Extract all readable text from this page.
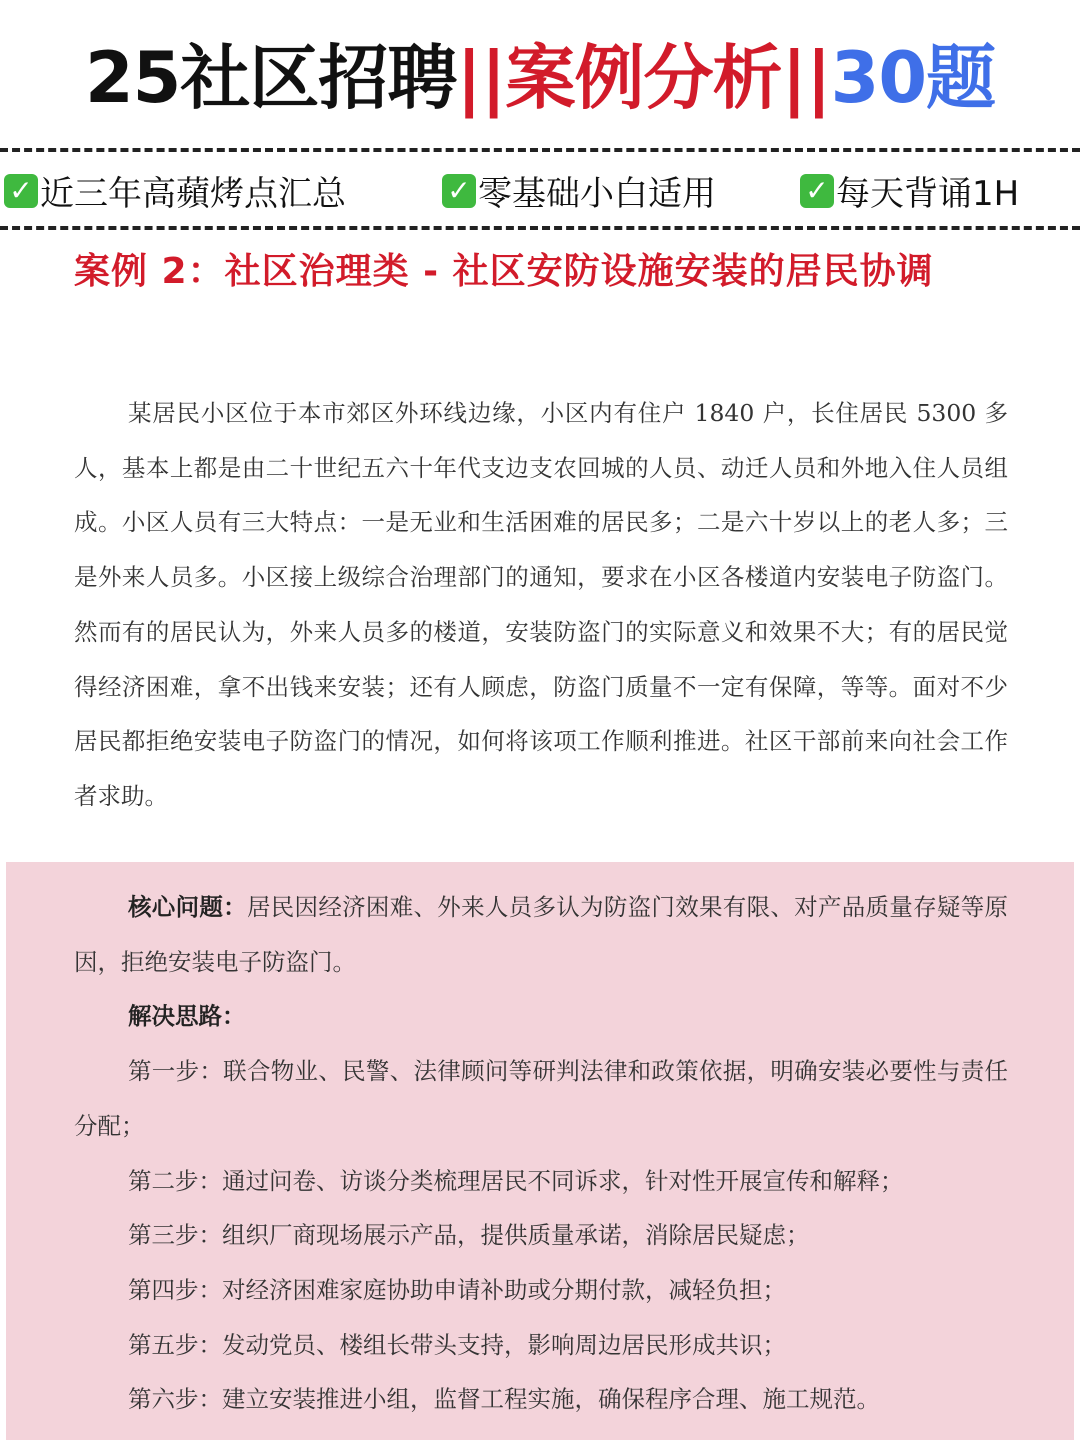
25社区招聘||案例分析||30题
✓ 近三年高蘋烤点汇总	✓ 零基础小白适用	✓ 每天背诵1H
案例 2：社区治理类 - 社区安防设施安装的居民协调
某居民小区位于本市郊区外环线边缘，小区内有住户 1840 户，长住居民 5300 多人，基本上都是由二十世纪五六十年代支边支农回城的人员、动迁人员和外地入住人员组成。小区人员有三大特点：一是无业和生活困难的居民多；二是六十岁以上的老人多；三是外来人员多。小区接上级综合治理部门的通知，要求在小区各楼道内安装电子防盗门。然而有的居民认为，外来人员多的楼道，安装防盗门的实际意义和效果不大；有的居民觉得经济困难，拿不出钱来安装；还有人顾虑，防盗门质量不一定有保障，等等。面对不少居民都拒绝安装电子防盗门的情况，如何将该项工作顺利推进。社区干部前来向社会工作者求助。
核心问题：居民因经济困难、外来人员多认为防盗门效果有限、对产品质量存疑等原因，拒绝安装电子防盗门。
解决思路：
第一步：联合物业、民警、法律顾问等研判法律和政策依据，明确安装必要性与责任分配；
第二步：通过问卷、访谈分类梳理居民不同诉求，针对性开展宣传和解释；
第三步：组织厂商现场展示产品，提供质量承诺，消除居民疑虑；
第四步：对经济困难家庭协助申请补助或分期付款，减轻负担；
第五步：发动党员、楼组长带头支持，影响周边居民形成共识；
第六步：建立安装推进小组，监督工程实施，确保程序合理、施工规范。
